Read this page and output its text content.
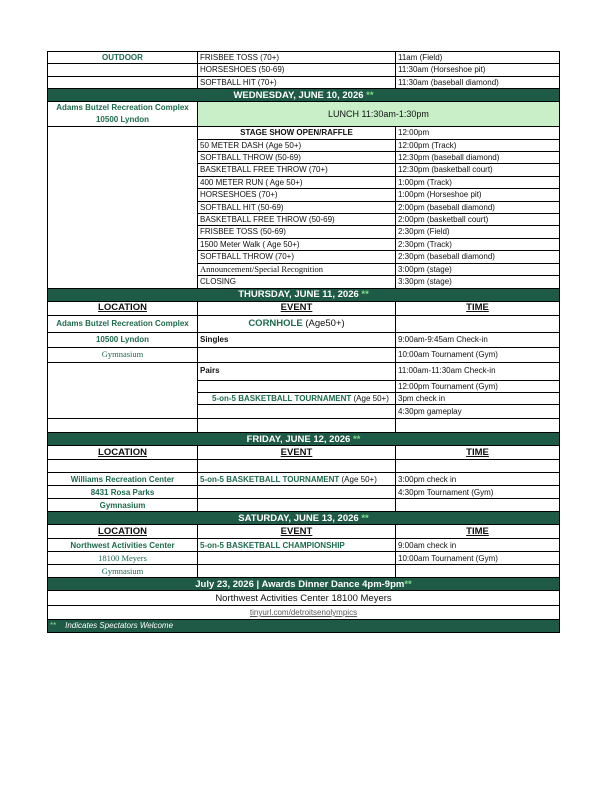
OUTDOOR	FRISBEE TOSS (70+)	11am (Field)
	HORSESHOES (50-69)	11:30am (Horseshoe pit)
	SOFTBALL HIT (70+)	11:30am (baseball diamond)
WEDNESDAY, JUNE 10, 2026 **		

Adams Butzel Recreation Complex
10500 Lyndon	LUNCH 11:30am-1:30pm	

	STAGE SHOW OPEN/RAFFLE	12:00pm
	50 METER DASH (Age 50+)	12:00pm (Track)
	SOFTBALL THROW (50-69)	12:30pm (baseball diamond)
	BASKETBALL FREE THROW (70+)	12:30pm (basketball court)
	400 METER RUN ( Age 50+)	1:00pm (Track)
	HORSESHOES (70+)	1:00pm (Horseshoe pit)
	SOFTBALL HIT (50-69)	2:00pm (baseball diamond)
	BASKETBALL FREE THROW (50-69)	2:00pm (basketball court)
	FRISBEE TOSS (50-69)	2:30pm (Field)
	1500 Meter Walk ( Age 50+)	2:30pm (Track)
	SOFTBALL THROW (70+)	2:30pm (baseball diamond)
	Announcement/Special Recognition	3:00pm (stage)
	CLOSING	3:30pm (stage)
THURSDAY, JUNE 11, 2026 **		
LOCATION	EVENT	TIME
Adams Butzel Recreation Complex	CORNHOLE (Age50+)	
10500 Lyndon	Singles	9:00am-9:45am Check-in
Gymnasium		10:00am Tournament (Gym)
	Pairs	11:00am-11:30am Check-in
		12:00pm Tournament (Gym)
	5-on-5 BASKETBALL TOURNAMENT (Age 50+)	3pm check in
		4:30pm gameplay

FRIDAY, JUNE 12, 2026 **		
LOCATION	EVENT	TIME

Williams Recreation Center	5-on-5 BASKETBALL TOURNAMENT (Age 50+)	3:00pm check in
8431 Rosa Parks		4:30pm Tournament (Gym)
Gymnasium		
SATURDAY, JUNE 13, 2026 **		
LOCATION	EVENT	TIME
Northwest Activities Center	5-on-5 BASKETBALL CHAMPIONSHIP	9:00am check in
18100 Meyers		10:00am Tournament (Gym)
Gymnasium		
July 23, 2026 | Awards Dinner Dance 4pm-9pm**		
Northwest Activities Center 18100 Meyers		
tinyurl.com/detroitsenolympics		
** Indicates Spectators Welcome		
